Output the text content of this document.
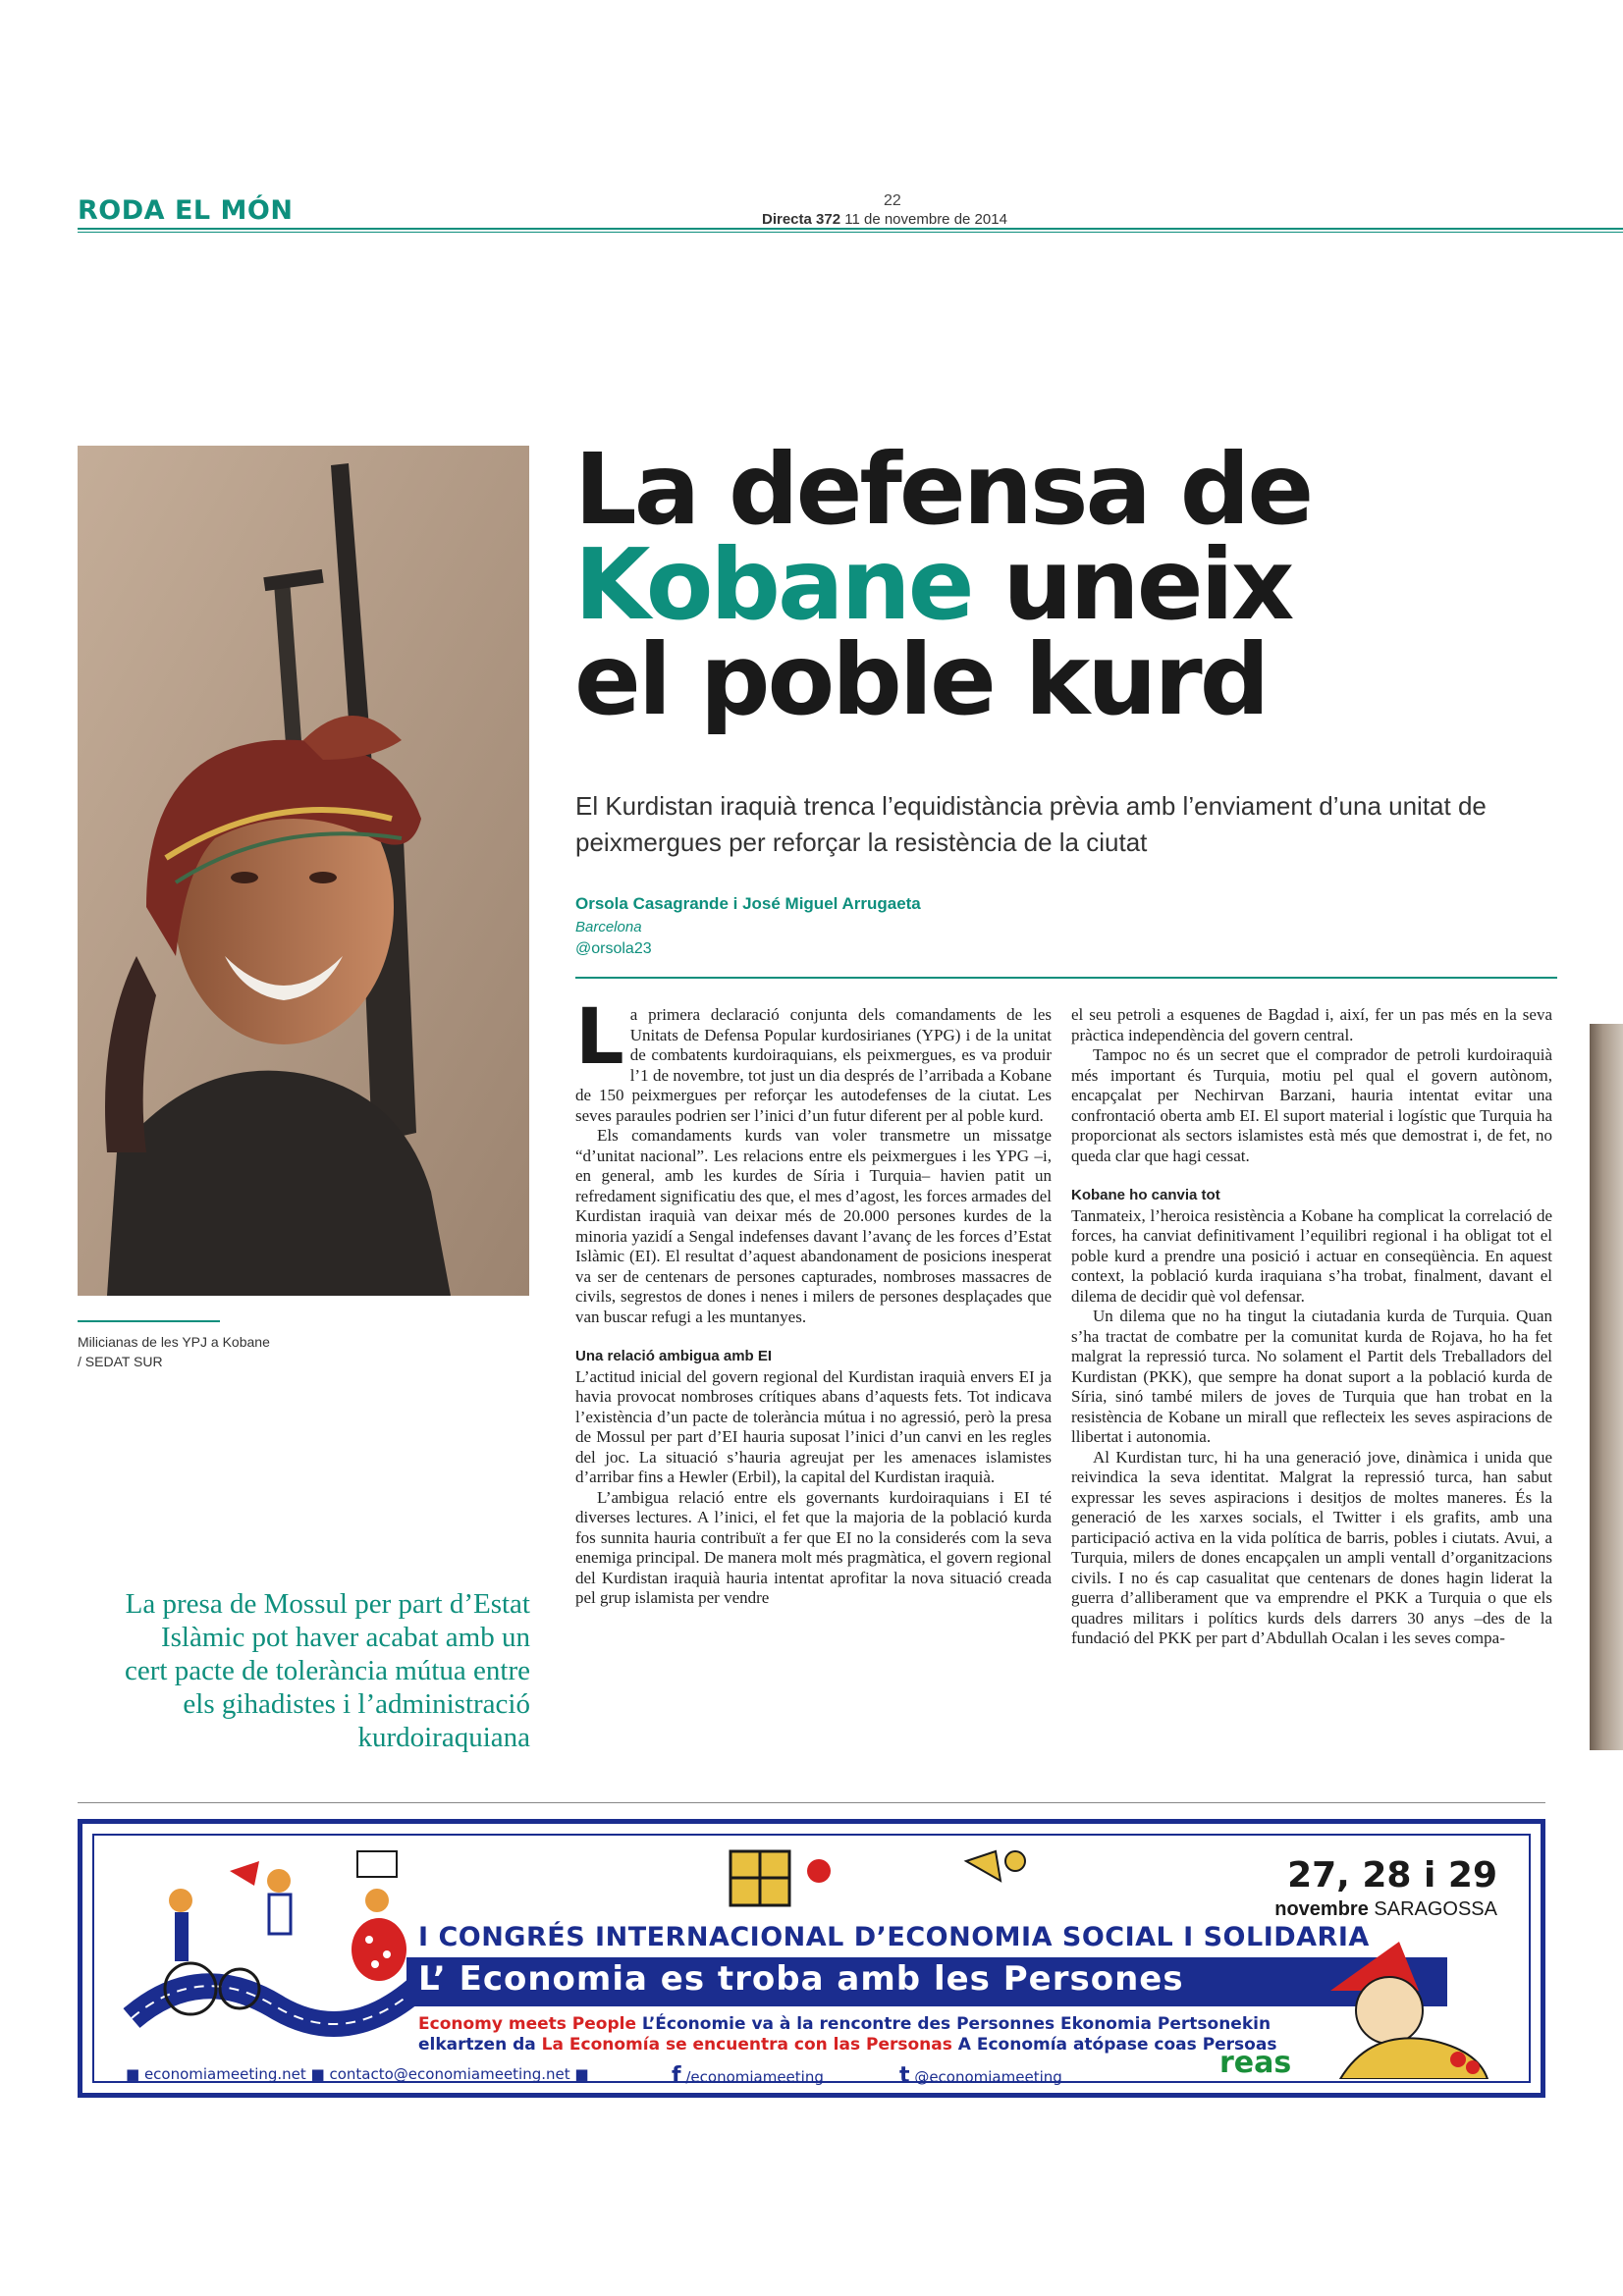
RODA EL MÓN	22
Directa 372 11 de novembre de 2014
Milicianas de les YPJ a Kobane / SEDAT SUR
La presa de Mossul per part d’Estat Islàmic pot haver acabat amb un cert pacte de tolerància mútua entre els gihadistes i l’administració kurdoiraquiana
La defensa de
Kobane uneix
el poble kurd
El Kurdistan iraquià trenca l’equidistància prèvia amb l’enviament d’una unitat de peixmergues per reforçar la resistència de la ciutat
Orsola Casagrande i José Miguel Arrugaeta
Barcelona
@orsola23

La primera declaració conjunta dels comandaments de les Unitats de Defensa Popular kurdosirianes (YPG) i de la unitat de combatents kurdoiraquians, els peixmergues, es va produir l’1 de novembre, tot just un dia després de l’arribada a Kobane de 150 peixmergues per reforçar les autodefenses de la ciutat. Les seves paraules podrien ser l’inici d’un futur diferent per al poble kurd.

Els comandaments kurds van voler transmetre un missatge “d’unitat nacional”. Les relacions entre els peixmergues i les YPG –i, en general, amb les kurdes de Síria i Turquia– havien patit un refredament significatiu des que, el mes d’agost, les forces armades del Kurdistan iraquià van deixar més de 20.000 persones kurdes de la minoria yazidí a Sengal indefenses davant l’avanç de les forces d’Estat Islàmic (EI). El resultat d’aquest abandonament de posicions inesperat va ser de centenars de persones capturades, nombroses massacres de civils, segrestos de dones i nenes i milers de persones desplaçades que van buscar refugi a les muntanyes.

Una relació ambigua amb EI

L’actitud inicial del govern regional del Kurdistan iraquià envers EI ja havia provocat nombroses crítiques abans d’aquests fets. Tot indicava l’existència d’un pacte de tolerància mútua i no agressió, però la presa de Mossul per part d’EI hauria suposat l’inici d’un canvi en les regles del joc. La situació s’hauria agreujat per les amenaces islamistes d’arribar fins a Hewler (Erbil), la capital del Kurdistan iraquià.

L’ambigua relació entre els governants kurdoiraquians i EI té diverses lectures. A l’inici, el fet que la majoria de la població kurda fos sunnita hauria contribuït a fer que EI no la considerés com la seva enemiga principal. De manera molt més pragmàtica, el govern regional del Kurdistan iraquià hauria intentat aprofitar la nova situació creada pel grup islamista per vendre

el seu petroli a esquenes de Bagdad i, així, fer un pas més en la seva pràctica independència del govern central.

Tampoc no és un secret que el comprador de petroli kurdoiraquià més important és Turquia, motiu pel qual el govern autònom, encapçalat per Nechirvan Barzani, hauria intentat evitar una confrontació oberta amb EI. El suport material i logístic que Turquia ha proporcionat als sectors islamistes està més que demostrat i, de fet, no queda clar que hagi cessat.

Kobane ho canvia tot

Tanmateix, l’heroica resistència a Kobane ha complicat la correlació de forces, ha canviat definitivament l’equilibri regional i ha obligat tot el poble kurd a prendre una posició i actuar en conseqüència. En aquest context, la població kurda iraquiana s’ha trobat, finalment, davant el dilema de decidir què vol defensar.

Un dilema que no ha tingut la ciutadania kurda de Turquia. Quan s’ha tractat de combatre per la comunitat kurda de Rojava, ho ha fet malgrat la repressió turca. No solament el Partit dels Treballadors del Kurdistan (PKK), que sempre ha donat suport a la població kurda de Síria, sinó també milers de joves de Turquia que han trobat en la resistència de Kobane un mirall que reflecteix les seves aspiracions de llibertat i autonomia.

Al Kurdistan turc, hi ha una generació jove, dinàmica i unida que reivindica la seva identitat. Malgrat la repressió turca, han sabut expressar les seves aspiracions i desitjos de moltes maneres. És la generació de les xarxes socials, el Twitter i els grafits, amb una participació activa en la vida política de barris, pobles i ciutats. Avui, a Turquia, milers de dones encapçalen un ampli ventall d’organitzacions civils. I no és cap casualitat que centenars de dones hagin liderat la guerra d’alliberament que va emprendre el PKK a Turquia o que els quadres militars i polítics kurds dels darrers 30 anys –des de la fundació del PKK per part d’Abdullah Ocalan i les seves compa-

27, 28 i 29
novembre SARAGOSSA
I CONGRÉS INTERNACIONAL D’ECONOMIA SOCIAL I SOLIDARIA
L’ Economia es troba amb les Persones
Economy meets People L’Économie va à la rencontre des Personnes Ekonomia Pertsonekin
elkartzen da La Economía se encuentra con las Personas A Economía atópase coas Persoas
■ economiameeting.net ■ contacto@economiameeting.net ■	f /economiameeting	t @economiameeting	reas
